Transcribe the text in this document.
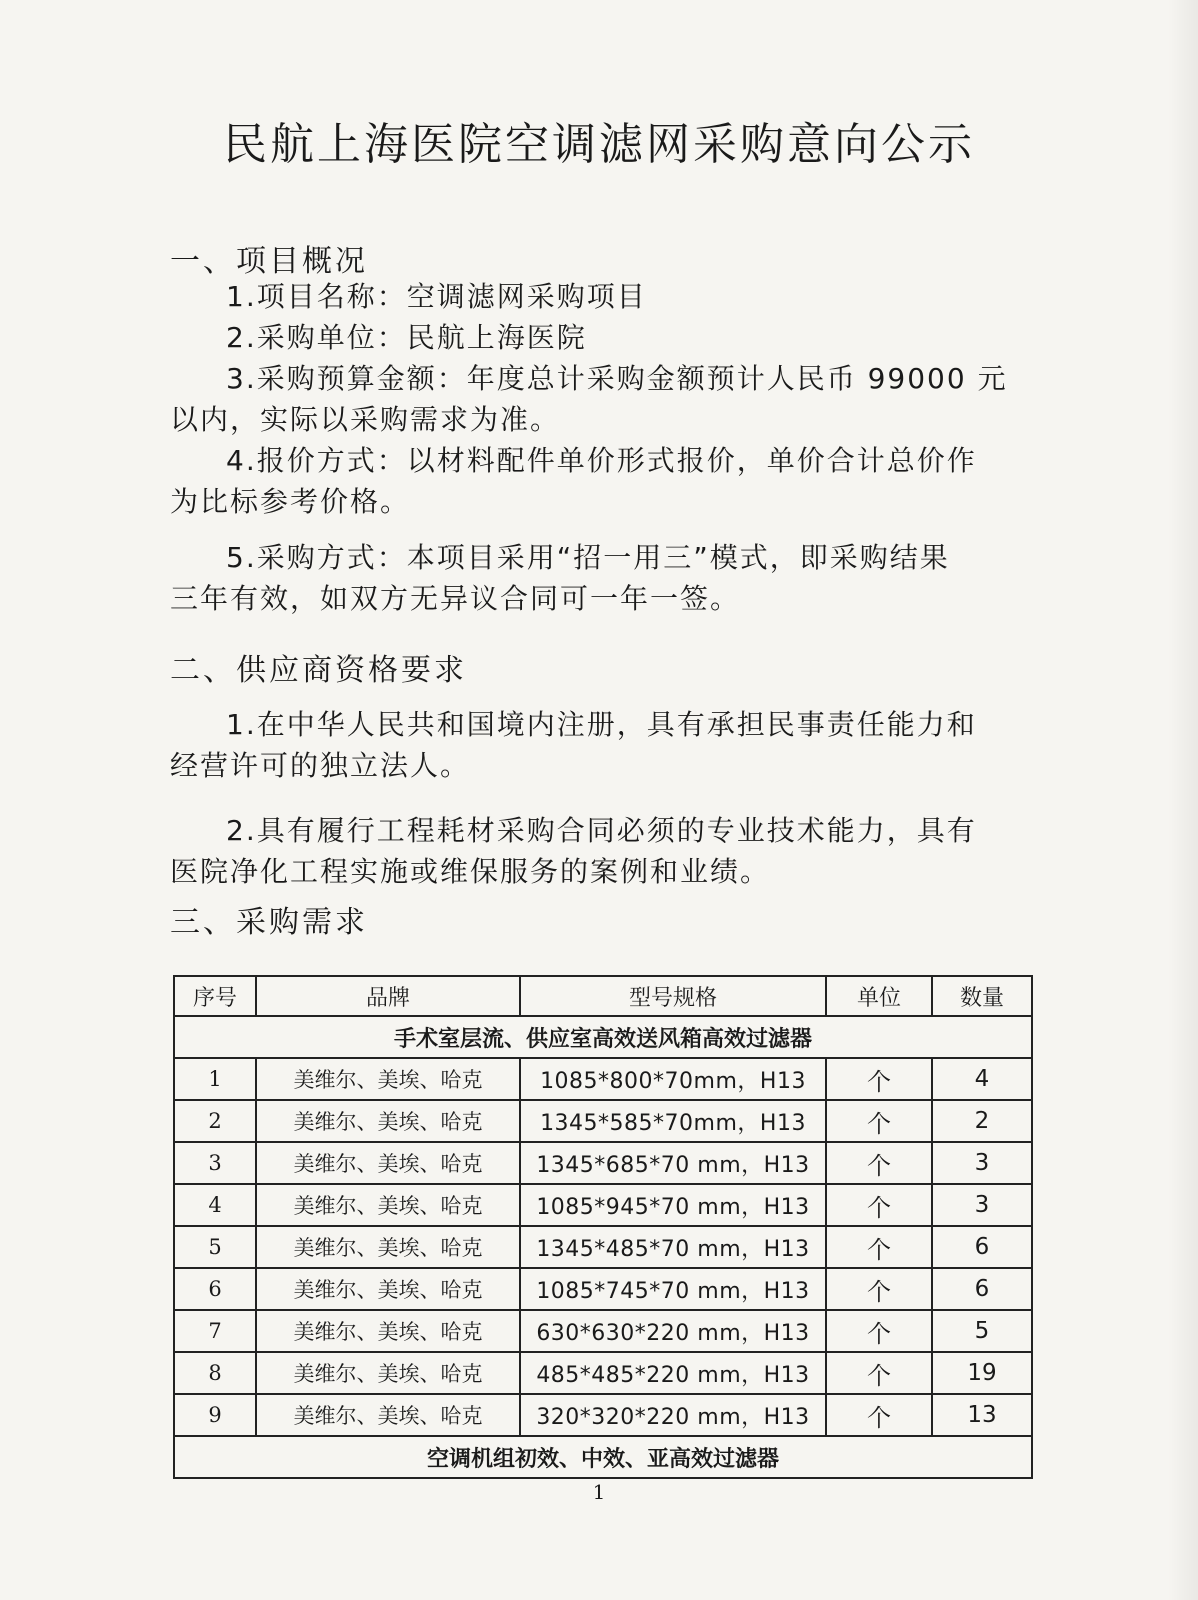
民航上海医院空调滤网采购意向公示
一、项目概况
1.项目名称：空调滤网采购项目
2.采购单位：民航上海医院
3.采购预算金额：年度总计采购金额预计人民币 99000 元
以内，实际以采购需求为准。
4.报价方式：以材料配件单价形式报价，单价合计总价作
为比标参考价格。
5.采购方式：本项目采用“招一用三”模式，即采购结果
三年有效，如双方无异议合同可一年一签。
二、供应商资格要求
1.在中华人民共和国境内注册，具有承担民事责任能力和
经营许可的独立法人。
2.具有履行工程耗材采购合同必须的专业技术能力，具有
医院净化工程实施或维保服务的案例和业绩。
三、采购需求
序号	品牌	型号规格	单位	数量
手术室层流、供应室高效送风箱高效过滤器				
1	美维尔、美埃、哈克	1085*800*70mm，H13	个	4
2	美维尔、美埃、哈克	1345*585*70mm，H13	个	2
3	美维尔、美埃、哈克	1345*685*70 mm，H13	个	3
4	美维尔、美埃、哈克	1085*945*70 mm，H13	个	3
5	美维尔、美埃、哈克	1345*485*70 mm，H13	个	6
6	美维尔、美埃、哈克	1085*745*70 mm，H13	个	6
7	美维尔、美埃、哈克	630*630*220 mm，H13	个	5
8	美维尔、美埃、哈克	485*485*220 mm，H13	个	19
9	美维尔、美埃、哈克	320*320*220 mm，H13	个	13
空调机组初效、中效、亚高效过滤器				
1
